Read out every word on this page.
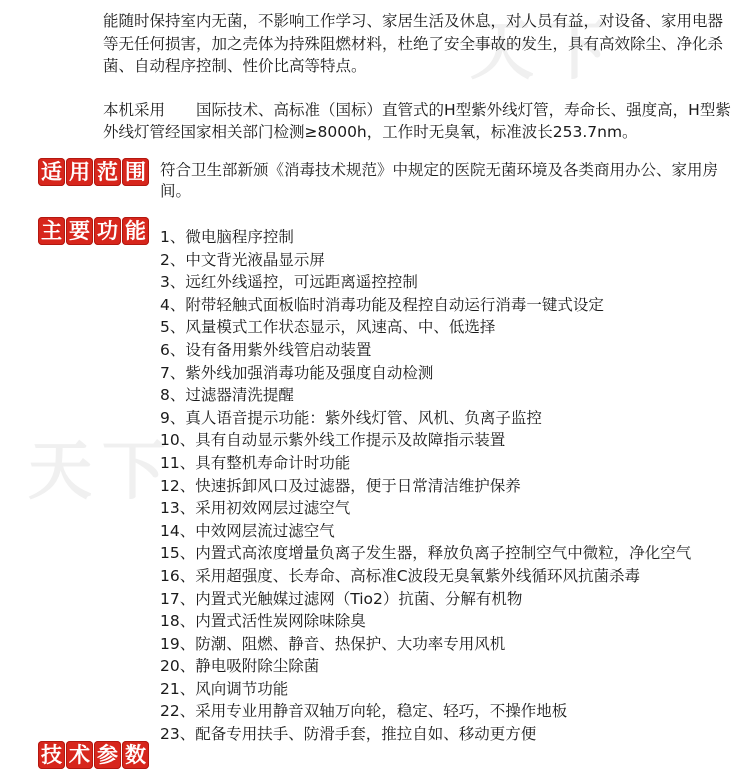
天下
天下

能随时保持室内无菌，不影响工作学习、家居生活及休息，对人员有益，对设备、家用电器等无任何损害，加之壳体为持殊阻燃材料，杜绝了安全事故的发生，具有高效除尘、净化杀菌、自动程序控制、性价比高等特点。

本机采用　　国际技术、高标准（国标）直管式的H型紫外线灯管，寿命长、强度高，H型紫外线灯管经国家相关部门检测≥8000h，工作时无臭氧，标准波长253.7nm。

适 用 范 围 符合卫生部新颁《消毒技术规范》中规定的医院无菌环境及各类商用办公、家用房间。
主 要 功 能 1、微电脑程序控制
2、中文背光液晶显示屏
3、远红外线遥控，可远距离遥控控制
4、附带轻触式面板临时消毒功能及程控自动运行消毒一键式设定
5、风量模式工作状态显示，风速高、中、低选择
6、设有备用紫外线管启动装置
7、紫外线加强消毒功能及强度自动检测
8、过滤器清洗提醒
9、真人语音提示功能：紫外线灯管、风机、负离子监控
10、具有自动显示紫外线工作提示及故障指示装置
11、具有整机寿命计时功能
12、快速拆卸风口及过滤器，便于日常清洁维护保养
13、采用初效网层过滤空气
14、中效网层流过滤空气
15、内置式高浓度增量负离子发生器，释放负离子控制空气中微粒，净化空气
16、采用超强度、长寿命、高标准C波段无臭氧紫外线循环风抗菌杀毒
17、内置式光触媒过滤网（Tio2）抗菌、分解有机物
18、内置式活性炭网除味除臭
19、防潮、阻燃、静音、热保护、大功率专用风机
20、静电吸附除尘除菌
21、风向调节功能
22、采用专业用静音双轴万向轮，稳定、轻巧，不操作地板
23、配备专用扶手、防滑手套，推拉自如、移动更方便
技 术 参 数
